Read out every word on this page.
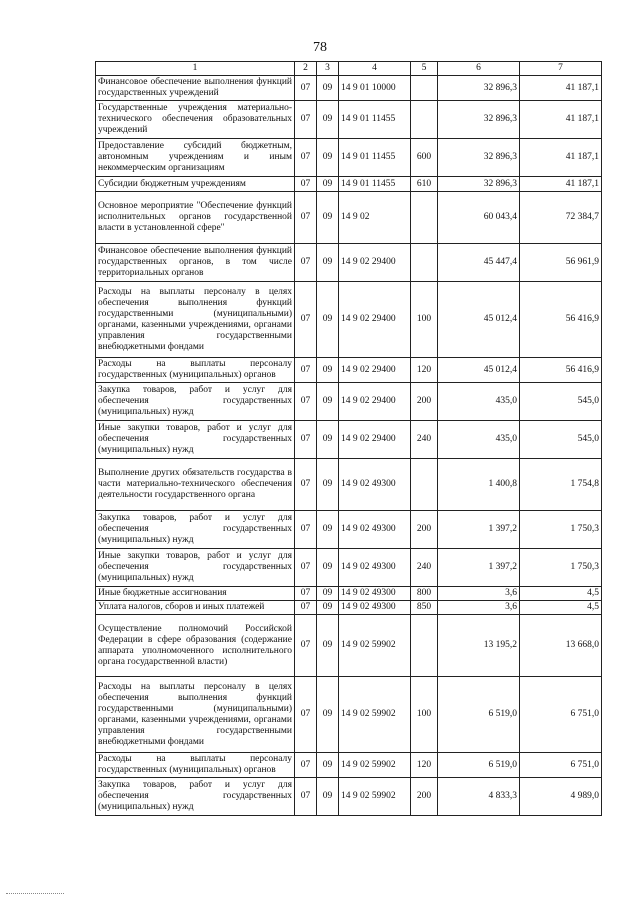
78
1	2	3	4	5	6	7
Финансовое обеспечение выполнения функций государственных учреждений	07	09	14 9 01 10000		32 896,3	41 187,1
Государственные учреждения материально-технического обеспечения образовательных учреждений	07	09	14 9 01 11455		32 896,3	41 187,1
Предоставление субсидий бюджетным, автономным учреждениям и иным некоммерческим организациям	07	09	14 9 01 11455	600	32 896,3	41 187,1
Субсидии бюджетным учреждениям	07	09	14 9 01 11455	610	32 896,3	41 187,1
Основное мероприятие "Обеспечение функций исполнительных органов государственной власти в установленной сфере"	07	09	14 9 02		60 043,4	72 384,7
Финансовое обеспечение выполнения функций государственных органов, в том числе территориальных органов	07	09	14 9 02 29400		45 447,4	56 961,9
Расходы на выплаты персоналу в целях обеспечения выполнения функций государственными (муниципальными) органами, казенными учреждениями, органами управления государственными внебюджетными фондами	07	09	14 9 02 29400	100	45 012,4	56 416,9
Расходы на выплаты персоналу государственных (муниципальных) органов	07	09	14 9 02 29400	120	45 012,4	56 416,9
Закупка товаров, работ и услуг для обеспечения государственных (муниципальных) нужд	07	09	14 9 02 29400	200	435,0	545,0
Иные закупки товаров, работ и услуг для обеспечения государственных (муниципальных) нужд	07	09	14 9 02 29400	240	435,0	545,0
Выполнение других обязательств государства в части материально-технического обеспечения деятельности государственного органа	07	09	14 9 02 49300		1 400,8	1 754,8
Закупка товаров, работ и услуг для обеспечения государственных (муниципальных) нужд	07	09	14 9 02 49300	200	1 397,2	1 750,3
Иные закупки товаров, работ и услуг для обеспечения государственных (муниципальных) нужд	07	09	14 9 02 49300	240	1 397,2	1 750,3
Иные бюджетные ассигнования	07	09	14 9 02 49300	800	3,6	4,5
Уплата налогов, сборов и иных платежей	07	09	14 9 02 49300	850	3,6	4,5
Осуществление полномочий Российской Федерации в сфере образования (содержание аппарата уполномоченного исполнительного органа государственной власти)	07	09	14 9 02 59902		13 195,2	13 668,0
Расходы на выплаты персоналу в целях обеспечения выполнения функций государственными (муниципальными) органами, казенными учреждениями, органами управления государственными внебюджетными фондами	07	09	14 9 02 59902	100	6 519,0	6 751,0
Расходы на выплаты персоналу государственных (муниципальных) органов	07	09	14 9 02 59902	120	6 519,0	6 751,0
Закупка товаров, работ и услуг для обеспечения государственных (муниципальных) нужд	07	09	14 9 02 59902	200	4 833,3	4 989,0
